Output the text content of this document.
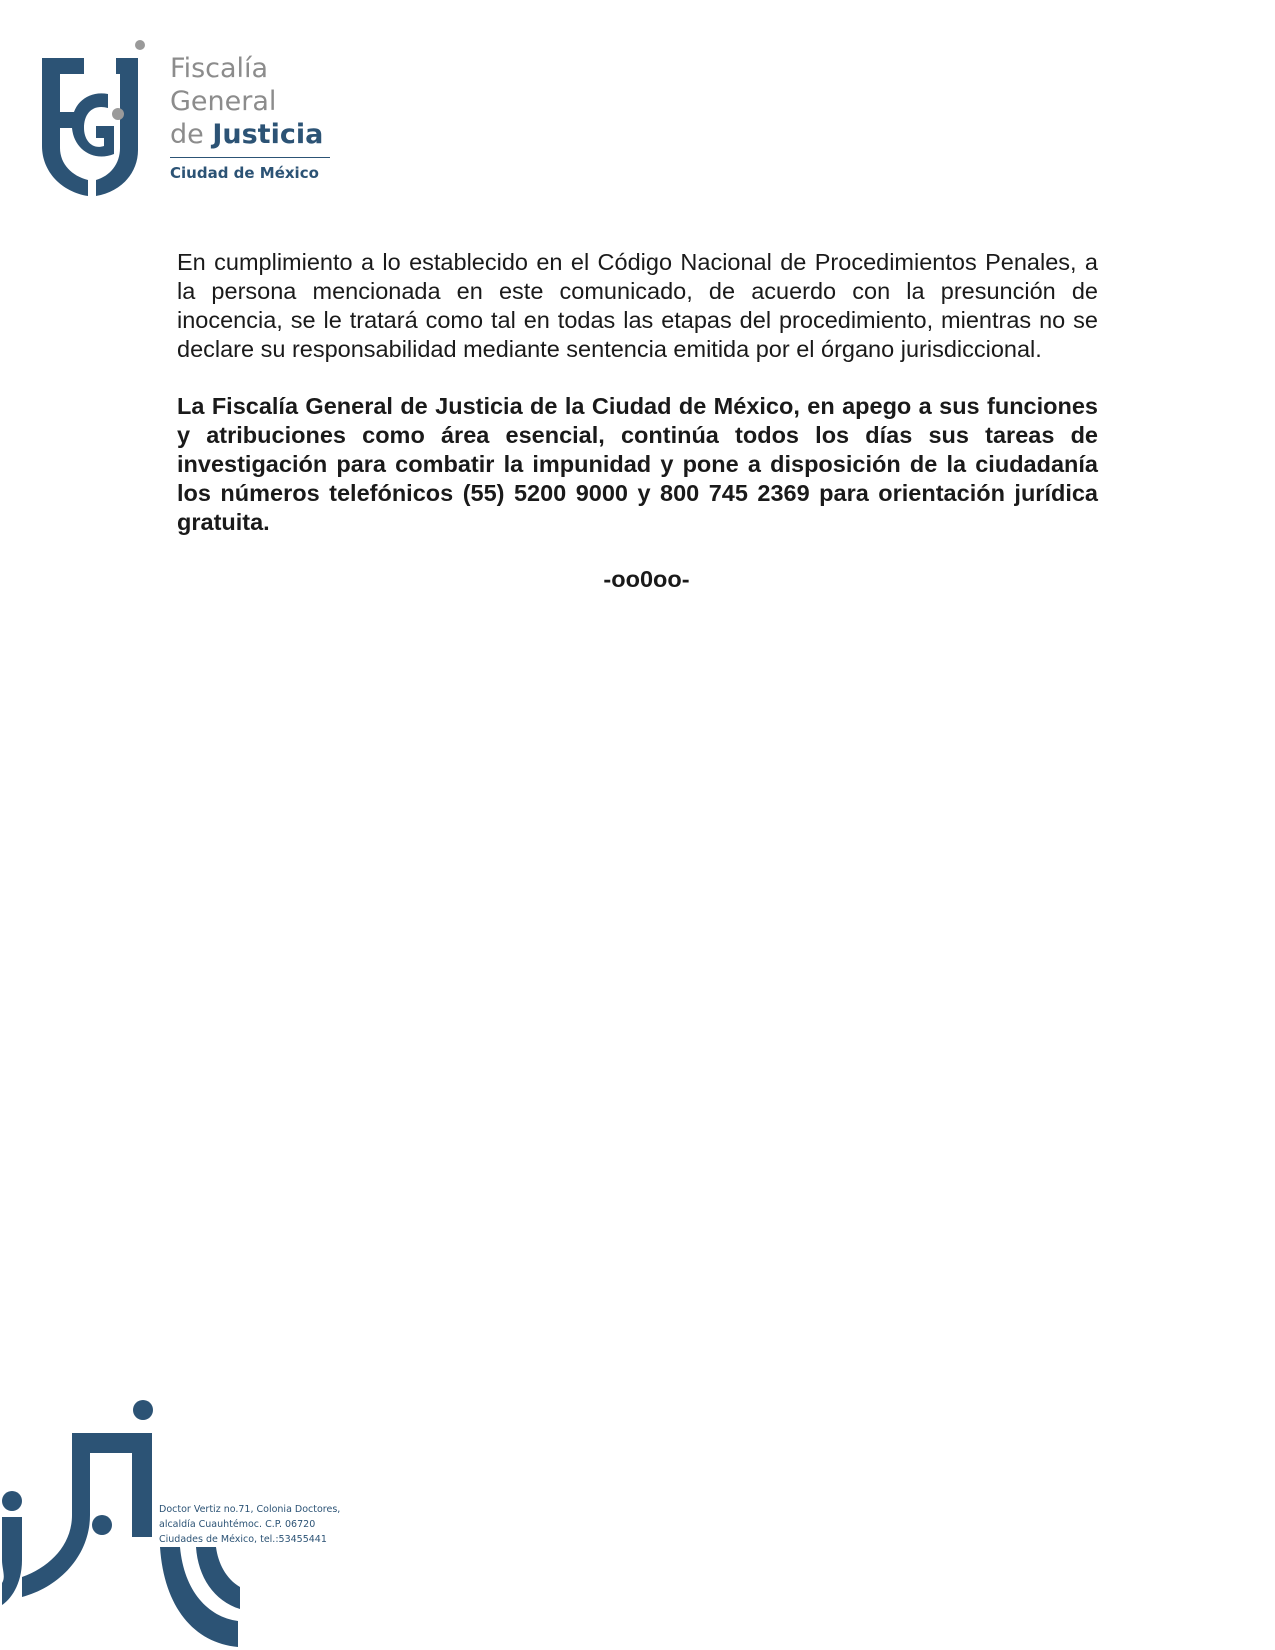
Fiscalía
General
de Justicia
Ciudad de México

En cumplimiento a lo establecido en el Código Nacional de Procedimientos Penales, a la persona mencionada en este comunicado, de acuerdo con la presunción de inocencia, se le tratará como tal en todas las etapas del procedimiento, mientras no se declare su responsabilidad mediante sentencia emitida por el órgano jurisdiccional.

La Fiscalía General de Justicia de la Ciudad de México, en apego a sus funciones y atribuciones como área esencial, continúa todos los días sus tareas de investigación para combatir la impunidad y pone a disposición de la ciudadanía los números telefónicos (55) 5200 9000 y 800 745 2369 para orientación jurídica gratuita.

-oo0oo-
Doctor Vertiz no.71, Colonia Doctores,
alcaldía Cuauhtémoc. C.P. 06720
Ciudades de México, tel.:53455441
